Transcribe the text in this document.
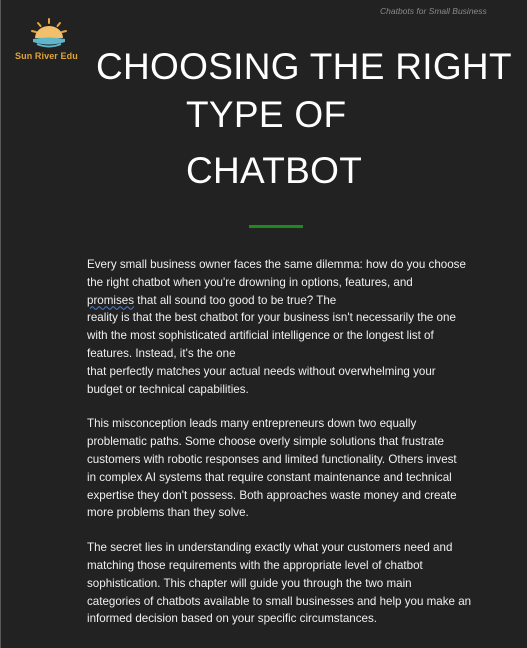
Chatbots for Small Business
Sun River Edu CHOOSING THE RIGHT
TYPE OF
CHATBOT

Every small business owner faces the same dilemma: how do you choose
the right chatbot when you're drowning in options, features, and
promises that all sound too good to be true? The
reality is that the best chatbot for your business isn't necessarily the one
with the most sophisticated artificial intelligence or the longest list of
features. Instead, it's the one
that perfectly matches your actual needs without overwhelming your
budget or technical capabilities.

This misconception leads many entrepreneurs down two equally
problematic paths. Some choose overly simple solutions that frustrate
customers with robotic responses and limited functionality. Others invest
in complex AI systems that require constant maintenance and technical
expertise they don't possess. Both approaches waste money and create
more problems than they solve.

The secret lies in understanding exactly what your customers need and
matching those requirements with the appropriate level of chatbot
sophistication. This chapter will guide you through the two main
categories of chatbots available to small businesses and help you make an
informed decision based on your specific circumstances.
